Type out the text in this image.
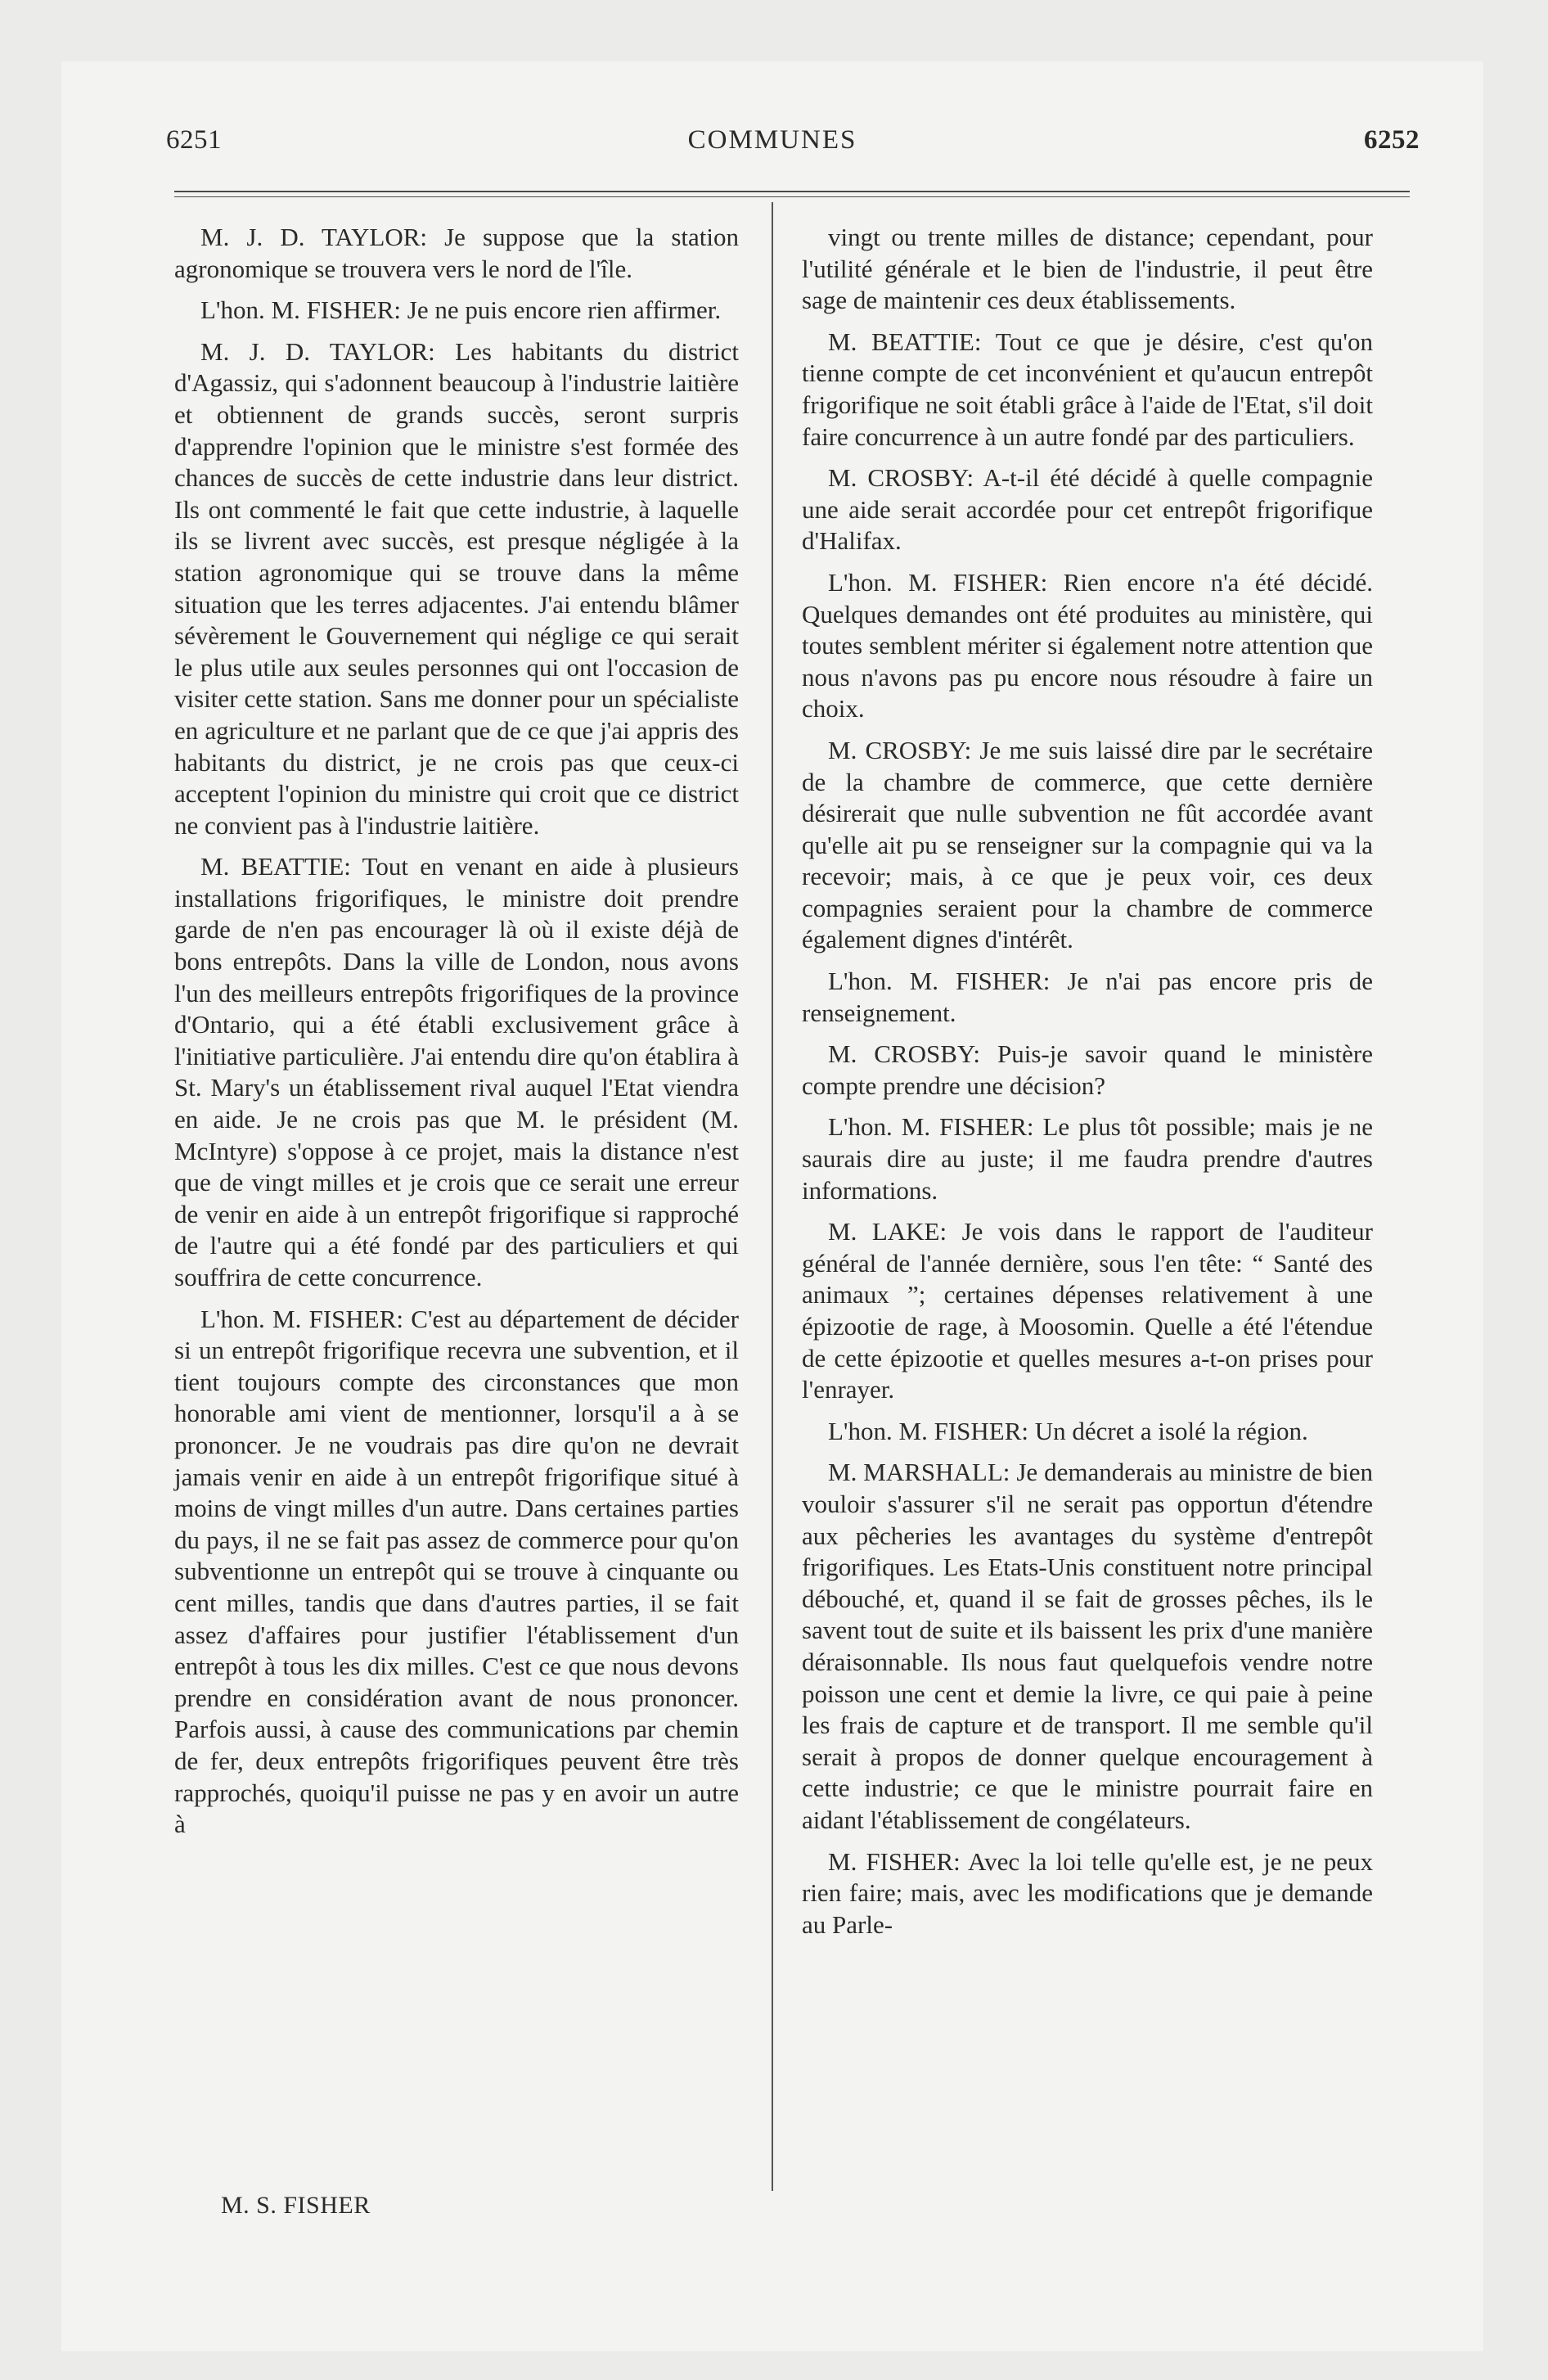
6251	COMMUNES	6252

M. J. D. TAYLOR: Je suppose que la station agronomique se trouvera vers le nord de l'île.

L'hon. M. FISHER: Je ne puis encore rien affirmer.

M. J. D. TAYLOR: Les habitants du district d'Agassiz, qui s'adonnent beaucoup à l'industrie laitière et obtiennent de grands succès, seront surpris d'apprendre l'opinion que le ministre s'est formée des chances de succès de cette industrie dans leur district. Ils ont commenté le fait que cette industrie, à laquelle ils se livrent avec succès, est presque négligée à la station agronomique qui se trouve dans la même situation que les terres adjacentes. J'ai entendu blâmer sévèrement le Gouvernement qui néglige ce qui serait le plus utile aux seules personnes qui ont l'occasion de visiter cette station. Sans me donner pour un spécialiste en agriculture et ne parlant que de ce que j'ai appris des habitants du district, je ne crois pas que ceux-ci acceptent l'opinion du ministre qui croit que ce district ne convient pas à l'industrie laitière.

M. BEATTIE: Tout en venant en aide à plusieurs installations frigorifiques, le ministre doit prendre garde de n'en pas encourager là où il existe déjà de bons entrepôts. Dans la ville de London, nous avons l'un des meilleurs entrepôts frigorifiques de la province d'Ontario, qui a été établi exclusivement grâce à l'initiative particulière. J'ai entendu dire qu'on établira à St. Mary's un établissement rival auquel l'Etat viendra en aide. Je ne crois pas que M. le président (M. McIntyre) s'oppose à ce projet, mais la distance n'est que de vingt milles et je crois que ce serait une erreur de venir en aide à un entrepôt frigorifique si rapproché de l'autre qui a été fondé par des particuliers et qui souffrira de cette concurrence.

L'hon. M. FISHER: C'est au département de décider si un entrepôt frigorifique recevra une subvention, et il tient toujours compte des circonstances que mon honorable ami vient de mentionner, lorsqu'il a à se prononcer. Je ne voudrais pas dire qu'on ne devrait jamais venir en aide à un entrepôt frigorifique situé à moins de vingt milles d'un autre. Dans certaines parties du pays, il ne se fait pas assez de commerce pour qu'on subventionne un entrepôt qui se trouve à cinquante ou cent milles, tandis que dans d'autres parties, il se fait assez d'affaires pour justifier l'établissement d'un entrepôt à tous les dix milles. C'est ce que nous devons prendre en considération avant de nous prononcer. Parfois aussi, à cause des communications par chemin de fer, deux entrepôts frigorifiques peuvent être très rapprochés, quoiqu'il puisse ne pas y en avoir un autre à

vingt ou trente milles de distance; cependant, pour l'utilité générale et le bien de l'industrie, il peut être sage de maintenir ces deux établissements.

M. BEATTIE: Tout ce que je désire, c'est qu'on tienne compte de cet inconvénient et qu'aucun entrepôt frigorifique ne soit établi grâce à l'aide de l'Etat, s'il doit faire concurrence à un autre fondé par des particuliers.

M. CROSBY: A-t-il été décidé à quelle compagnie une aide serait accordée pour cet entrepôt frigorifique d'Halifax.

L'hon. M. FISHER: Rien encore n'a été décidé. Quelques demandes ont été produites au ministère, qui toutes semblent mériter si également notre attention que nous n'avons pas pu encore nous résoudre à faire un choix.

M. CROSBY: Je me suis laissé dire par le secrétaire de la chambre de commerce, que cette dernière désirerait que nulle subvention ne fût accordée avant qu'elle ait pu se renseigner sur la compagnie qui va la recevoir; mais, à ce que je peux voir, ces deux compagnies seraient pour la chambre de commerce également dignes d'intérêt.

L'hon. M. FISHER: Je n'ai pas encore pris de renseignement.

M. CROSBY: Puis-je savoir quand le ministère compte prendre une décision?

L'hon. M. FISHER: Le plus tôt possible; mais je ne saurais dire au juste; il me faudra prendre d'autres informations.

M. LAKE: Je vois dans le rapport de l'auditeur général de l'année dernière, sous l'en tête: “ Santé des animaux ”; certaines dépenses relativement à une épizootie de rage, à Moosomin. Quelle a été l'étendue de cette épizootie et quelles mesures a-t-on prises pour l'enrayer.

L'hon. M. FISHER: Un décret a isolé la région.

M. MARSHALL: Je demanderais au ministre de bien vouloir s'assurer s'il ne serait pas opportun d'étendre aux pêcheries les avantages du système d'entrepôt frigorifiques. Les Etats-Unis constituent notre principal débouché, et, quand il se fait de grosses pêches, ils le savent tout de suite et ils baissent les prix d'une manière déraisonnable. Ils nous faut quelquefois vendre notre poisson une cent et demie la livre, ce qui paie à peine les frais de capture et de transport. Il me semble qu'il serait à propos de donner quelque encouragement à cette industrie; ce que le ministre pourrait faire en aidant l'établissement de congélateurs.

M. FISHER: Avec la loi telle qu'elle est, je ne peux rien faire; mais, avec les modifications que je demande au Parle-

M. S. FISHER
